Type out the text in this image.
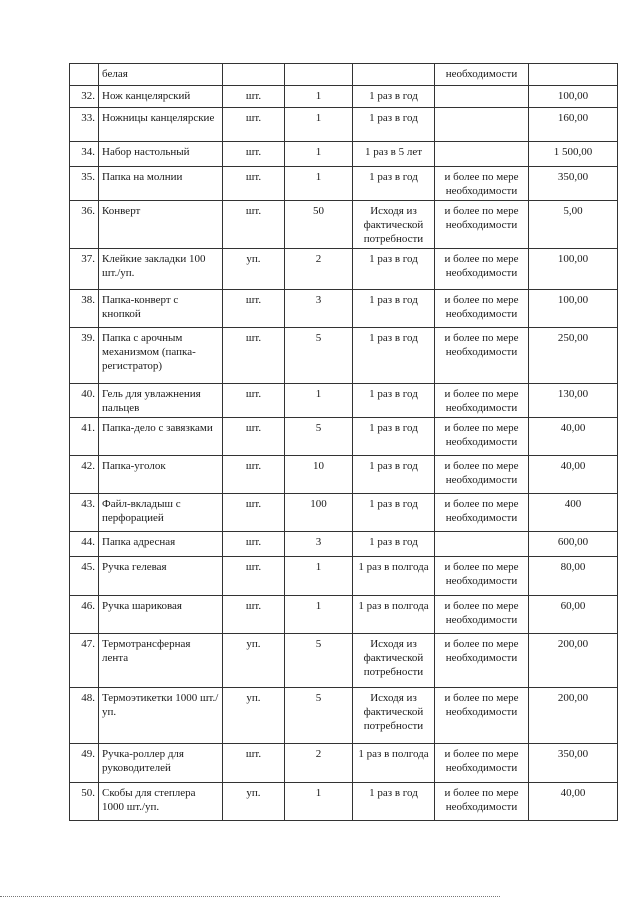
	белая				необходимости	
32.	Нож канцелярский	шт.	1	1 раз в год		100,00
33.	Ножницы канцелярские	шт.	1	1 раз в год		160,00
34.	Набор настольный	шт.	1	1 раз в 5 лет		1 500,00
35.	Папка на молнии	шт.	1	1 раз в год	и более по мере необходимости	350,00
36.	Конверт	шт.	50	Исходя из фактической потребности	и более по мере необходимости	5,00
37.	Клейкие закладки 100 шт./уп.	уп.	2	1 раз в год	и более по мере необходимости	100,00
38.	Папка-конверт с кнопкой	шт.	3	1 раз в год	и более по мере необходимости	100,00
39.	Папка с арочным механизмом (папка-регистратор)	шт.	5	1 раз в год	и более по мере необходимости	250,00
40.	Гель для увлажнения пальцев	шт.	1	1 раз в год	и более по мере необходимости	130,00
41.	Папка-дело с завязками	шт.	5	1 раз в год	и более по мере необходимости	40,00
42.	Папка-уголок	шт.	10	1 раз в год	и более по мере необходимости	40,00
43.	Файл-вкладыш с перфорацией	шт.	100	1 раз в год	и более по мере необходимости	400
44.	Папка адресная	шт.	3	1 раз в год		600,00
45.	Ручка гелевая	шт.	1	1 раз в полгода	и более по мере необходимости	80,00
46.	Ручка шариковая	шт.	1	1 раз в полгода	и более по мере необходимости	60,00
47.	Термотрансферная лента	уп.	5	Исходя из фактической потребности	и более по мере необходимости	200,00
48.	Термоэтикетки 1000 шт./уп.	уп.	5	Исходя из фактической потребности	и более по мере необходимости	200,00
49.	Ручка-роллер для руководителей	шт.	2	1 раз в полгода	и более по мере необходимости	350,00
50.	Скобы для степлера 1000 шт./уп.	уп.	1	1 раз в год	и более по мере необходимости	40,00
